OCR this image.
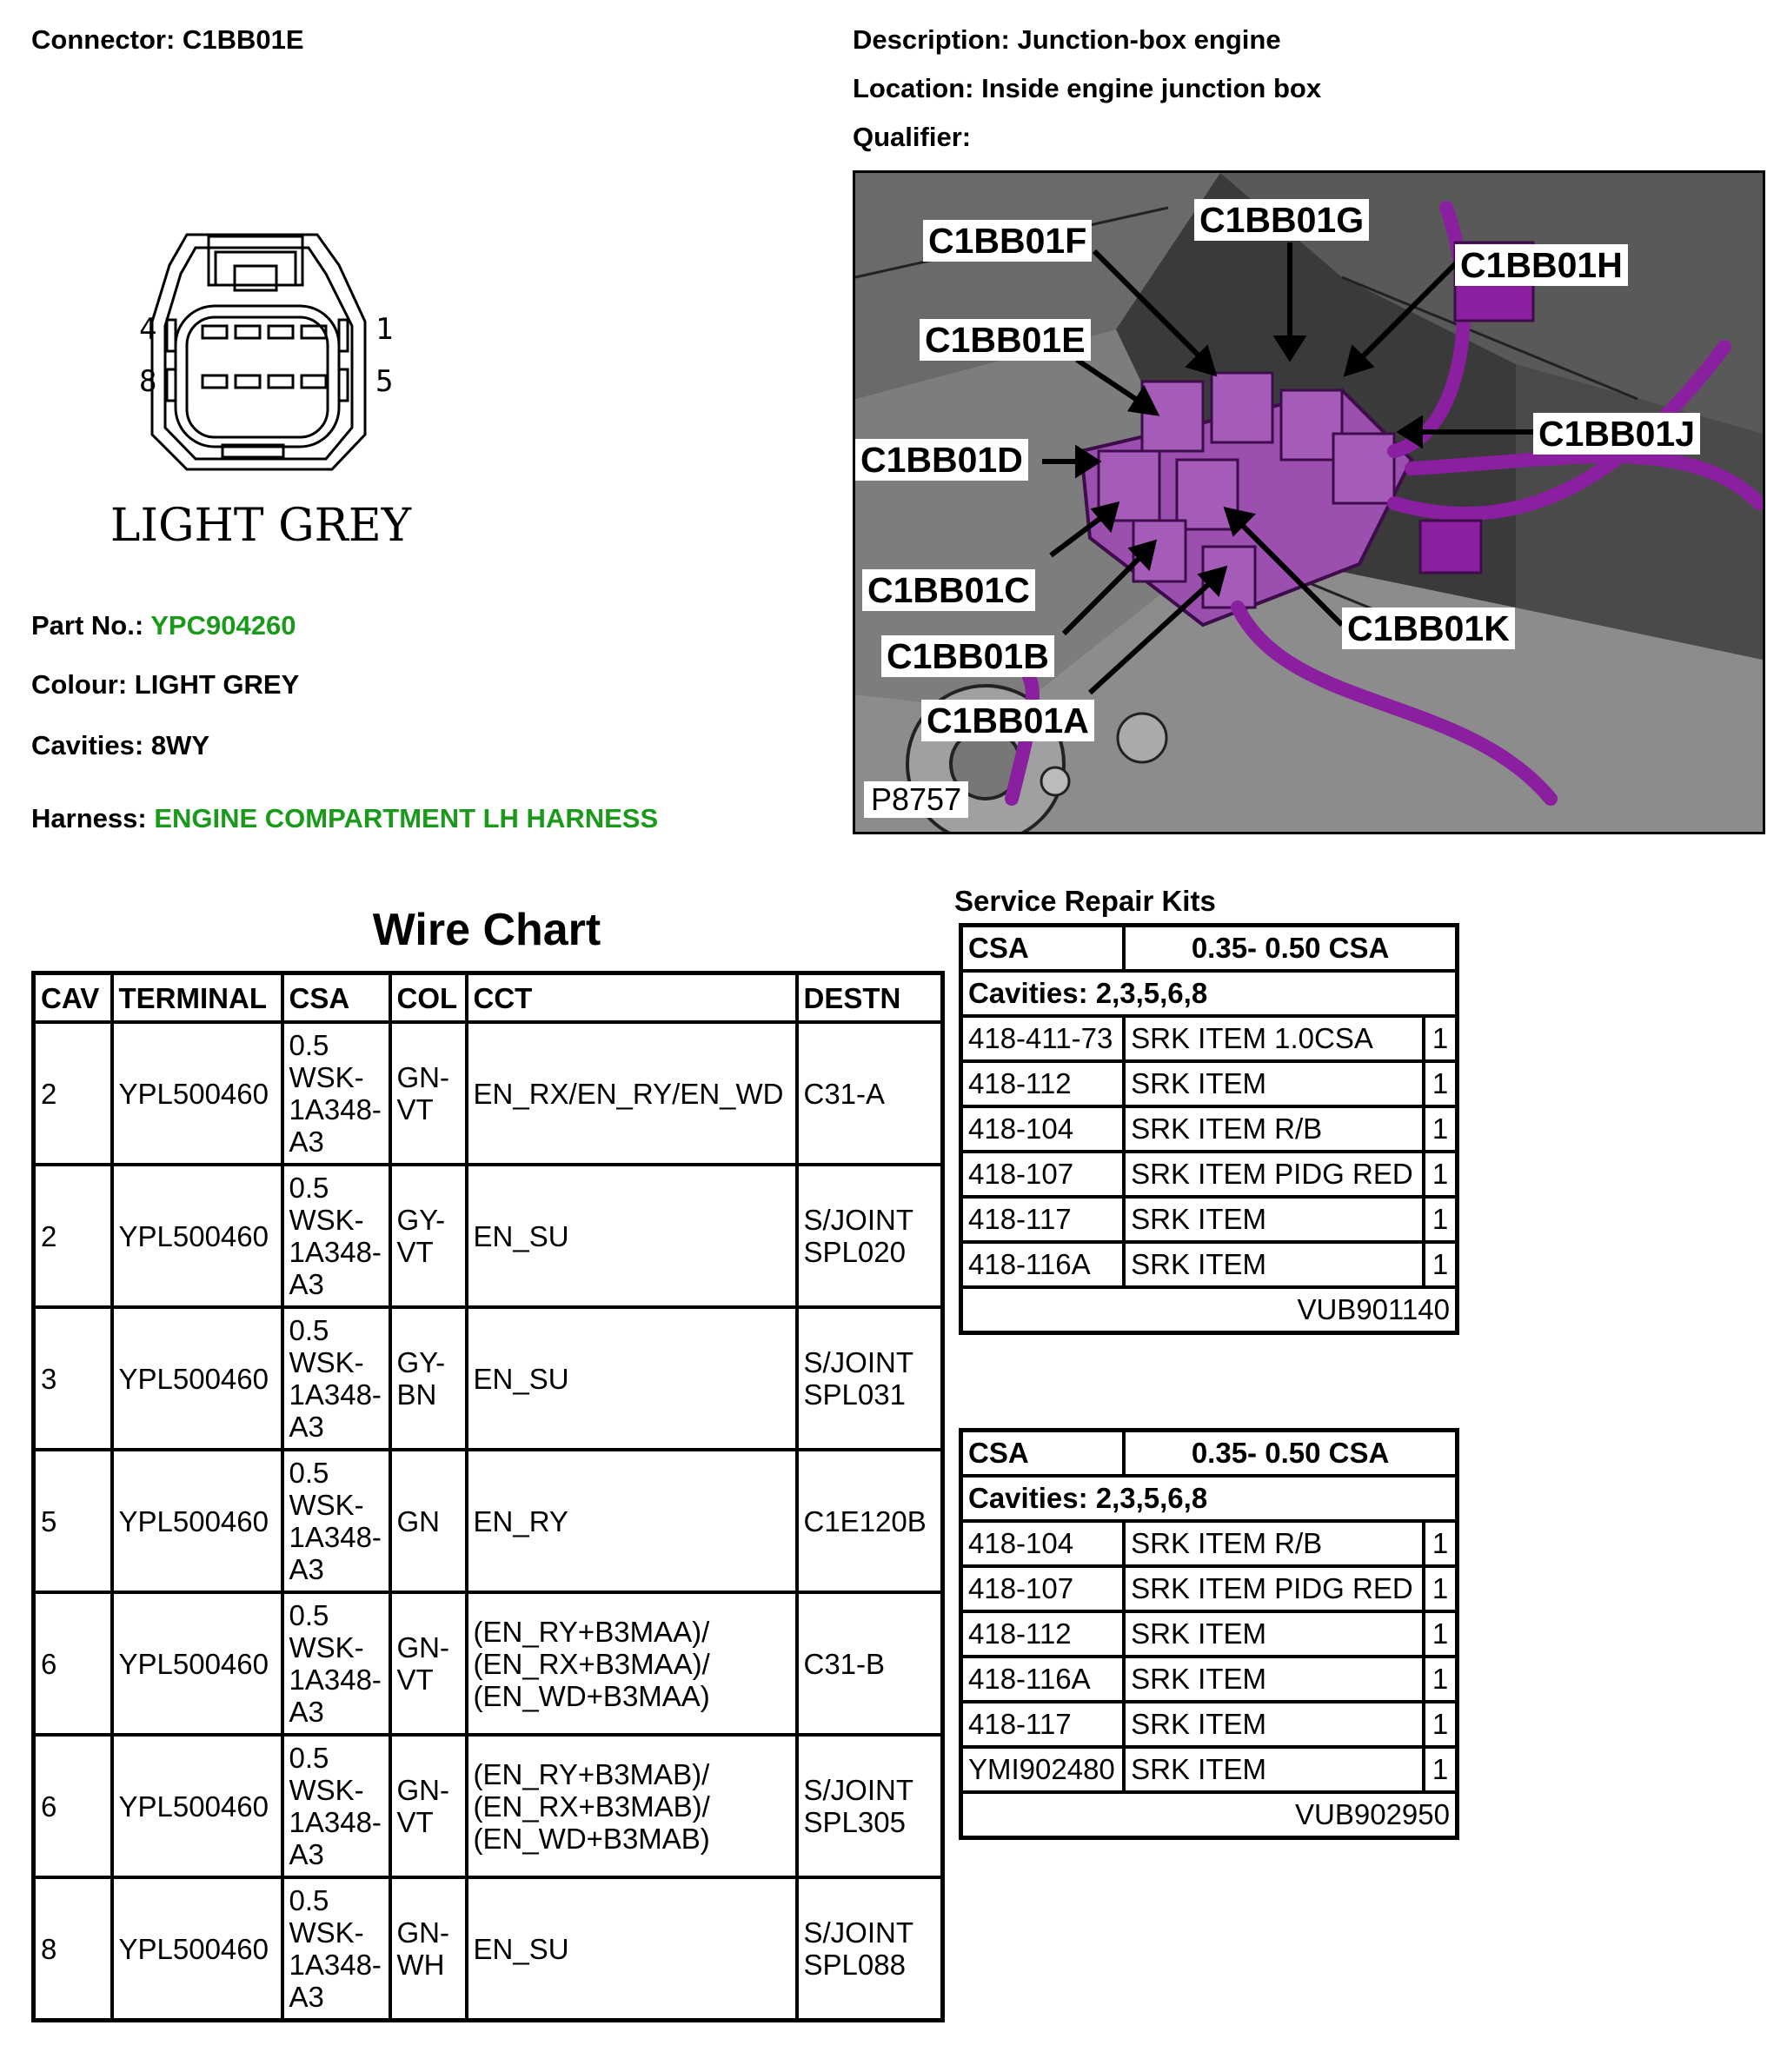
Connector: C1BB01E	Description: Junction-box engine
Location: Inside engine junction box
Qualifier:
4	1
8	5
LIGHT GREY
Part No.: YPC904260
Colour: LIGHT GREY
Cavities: 8WY
Harness: ENGINE COMPARTMENT LH HARNESS
C1BB01F
C1BB01G
C1BB01H
C1BB01E
C1BB01J
C1BB01D
C1BB01C
C1BB01K
C1BB01B
C1BB01A
P8757
Wire Chart
CAV	TERMINAL	CSA	COL	CCT	DESTN
2	YPL500460	0.5
WSK-
1A348-
A3	GN-
VT	EN_RX/EN_RY/EN_WD	C31-A
2	YPL500460	0.5
WSK-
1A348-
A3	GY-
VT	EN_SU	S/JOINT
SPL020
3	YPL500460	0.5
WSK-
1A348-
A3	GY-
BN	EN_SU	S/JOINT
SPL031
5	YPL500460	0.5
WSK-
1A348-
A3	GN	EN_RY	C1E120B
6	YPL500460	0.5
WSK-
1A348-
A3	GN-
VT	(EN_RY+B3MAA)/
(EN_RX+B3MAA)/
(EN_WD+B3MAA)	C31-B
6	YPL500460	0.5
WSK-
1A348-
A3	GN-
VT	(EN_RY+B3MAB)/
(EN_RX+B3MAB)/
(EN_WD+B3MAB)	S/JOINT
SPL305
8	YPL500460	0.5
WSK-
1A348-
A3	GN-
WH	EN_SU	S/JOINT
SPL088
Service Repair Kits
CSA	0.35- 0.50 CSA	
Cavities: 2,3,5,6,8		
418-411-73	SRK ITEM 1.0CSA	1
418-112	SRK ITEM	1
418-104	SRK ITEM R/B	1
418-107	SRK ITEM PIDG RED	1
418-117	SRK ITEM	1
418-116A	SRK ITEM	1
VUB901140		
CSA	0.35- 0.50 CSA	
Cavities: 2,3,5,6,8		
418-104	SRK ITEM R/B	1
418-107	SRK ITEM PIDG RED	1
418-112	SRK ITEM	1
418-116A	SRK ITEM	1
418-117	SRK ITEM	1
YMI902480	SRK ITEM	1
VUB902950		
